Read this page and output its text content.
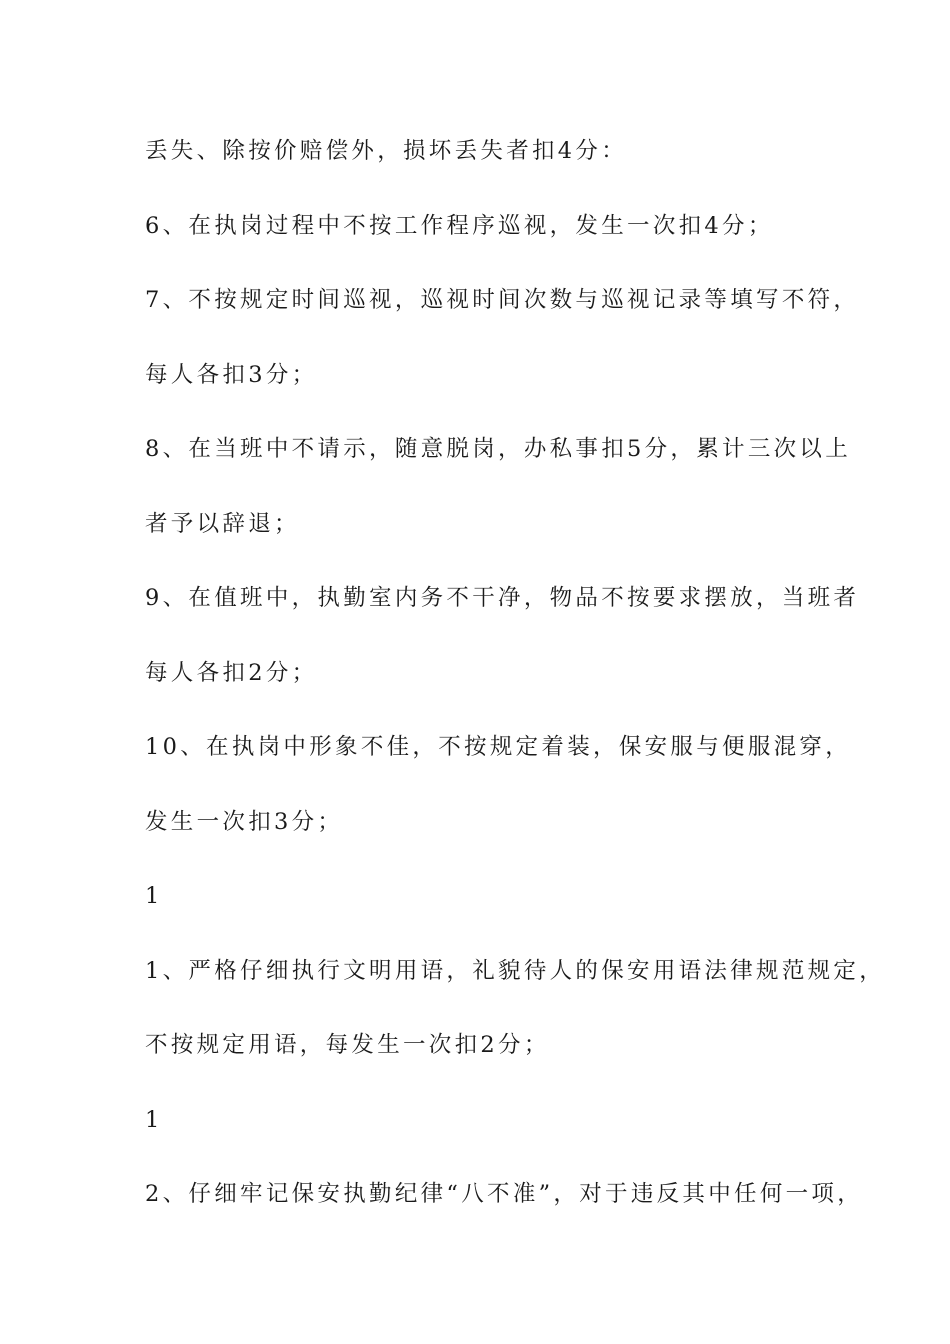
丢失、除按价赔偿外，损坏丢失者扣4分：
6、在执岗过程中不按工作程序巡视，发生一次扣4分；
7、不按规定时间巡视，巡视时间次数与巡视记录等填写不符，
每人各扣3分；
8、在当班中不请示，随意脱岗，办私事扣5分，累计三次以上
者予以辞退；
9、在值班中，执勤室内务不干净，物品不按要求摆放，当班者
每人各扣2分；
10、在执岗中形象不佳，不按规定着装，保安服与便服混穿，
发生一次扣3分；
1
1、严格仔细执行文明用语，礼貌待人的保安用语法律规范规定，
不按规定用语，每发生一次扣2分；
1
2、仔细牢记保安执勤纪律“八不准”，对于违反其中任何一项，
